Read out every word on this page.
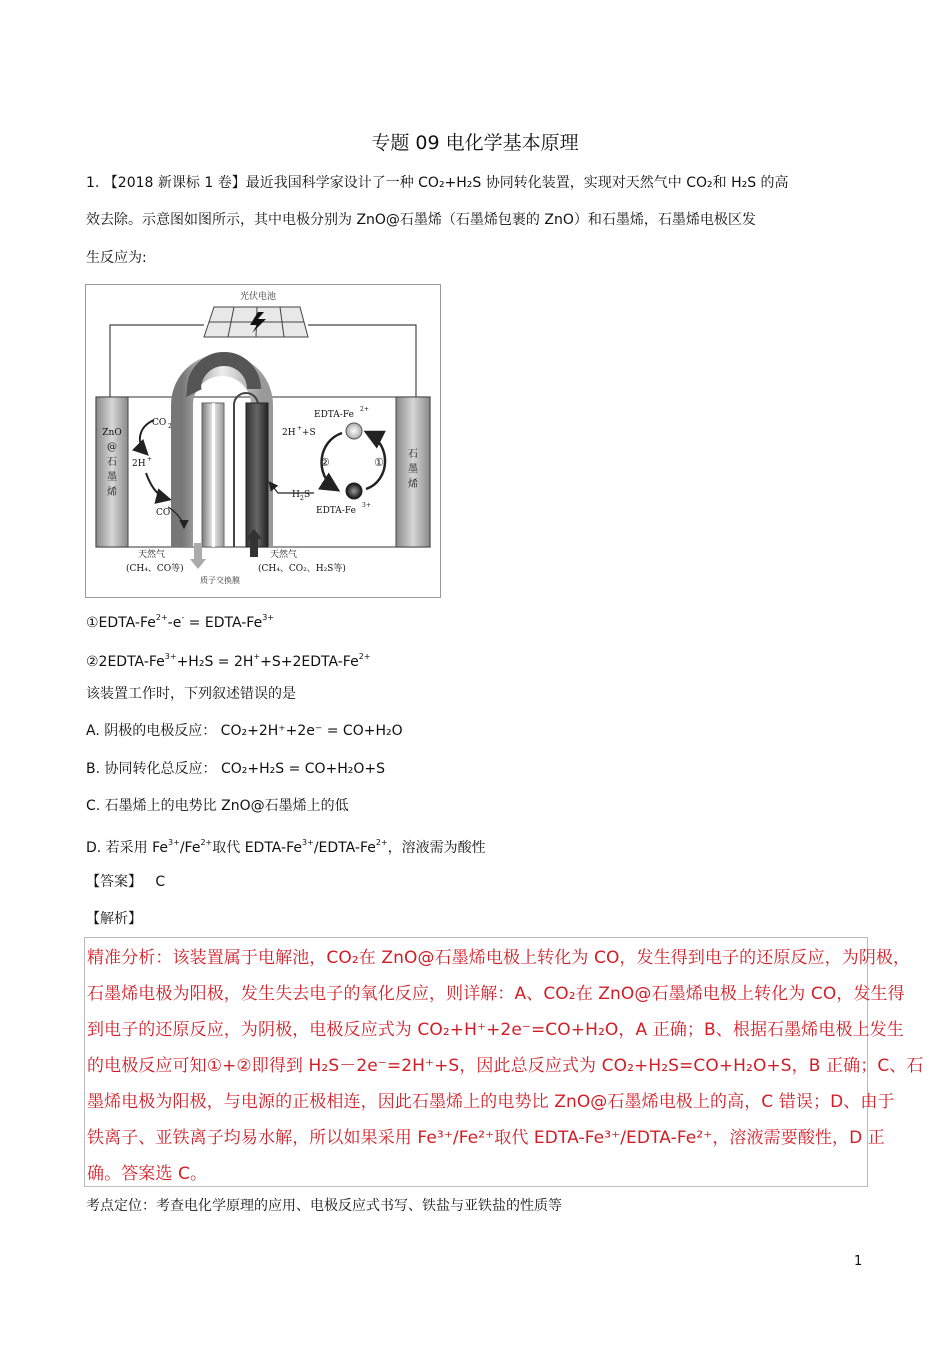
专题 09 电化学基本原理
1. 【2018 新课标 1 卷】最近我国科学家设计了一种 CO₂+H₂S 协同转化装置，实现对天然气中 CO₂和 H₂S 的高
效去除。示意图如图所示，其中电极分别为 ZnO@石墨烯（石墨烯包裹的 ZnO）和石墨烯，石墨烯电极区发
生反应为:
光伏电池
ZnO
@
石
墨
烯
石
墨
烯
CO 2
2H +
CO
EDTA-Fe
2+
2H + +S
H 2 S
EDTA-Fe
3+
②	①
天然气
(CH₄、CO等)
天然气
(CH₄、CO₂、H₂S等)
质子交换膜
①EDTA-$Fe^{2+}-e^-$ = EDTA-$Fe^{3+}$
$②2EDTA-Fe^{3+}+H_2S$ = $2H^++S+2EDTA-Fe^{2+}$
该装置工作时，下列叙述错误的是
A. 阴极的电极反应： CO₂+2H⁺+2e⁻ = CO+H₂O
B. 协同转化总反应： CO₂+H₂S = CO+H₂O+S
C. 石墨烯上的电势比 ZnO@石墨烯上的低
D. 若采用 $Fe^{3+}/Fe^{2+}$取代 EDTA-$Fe^{3+}/EDTA-Fe^{2+}$，溶液需为酸性
【答案】 C
【解析】
精准分析：该装置属于电解池，CO₂在 ZnO@石墨烯电极上转化为 CO，发生得到电子的还原反应，为阴极，
石墨烯电极为阳极，发生失去电子的氧化反应，则详解：A、CO₂在 ZnO@石墨烯电极上转化为 CO，发生得
到电子的还原反应，为阴极，电极反应式为 CO₂+H⁺+2e⁻=CO+H₂O，A 正确；B、根据石墨烯电极上发生
的电极反应可知①+②即得到 H₂S－2e⁻=2H⁺+S，因此总反应式为 CO₂+H₂S=CO+H₂O+S，B 正确；C、石
墨烯电极为阳极，与电源的正极相连，因此石墨烯上的电势比 ZnO@石墨烯电极上的高，C 错误；D、由于
铁离子、亚铁离子均易水解，所以如果采用 Fe³⁺/Fe²⁺取代 EDTA-Fe³⁺/EDTA-Fe²⁺，溶液需要酸性，D 正
确。答案选 C。
考点定位：考查电化学原理的应用、电极反应式书写、铁盐与亚铁盐的性质等
1
